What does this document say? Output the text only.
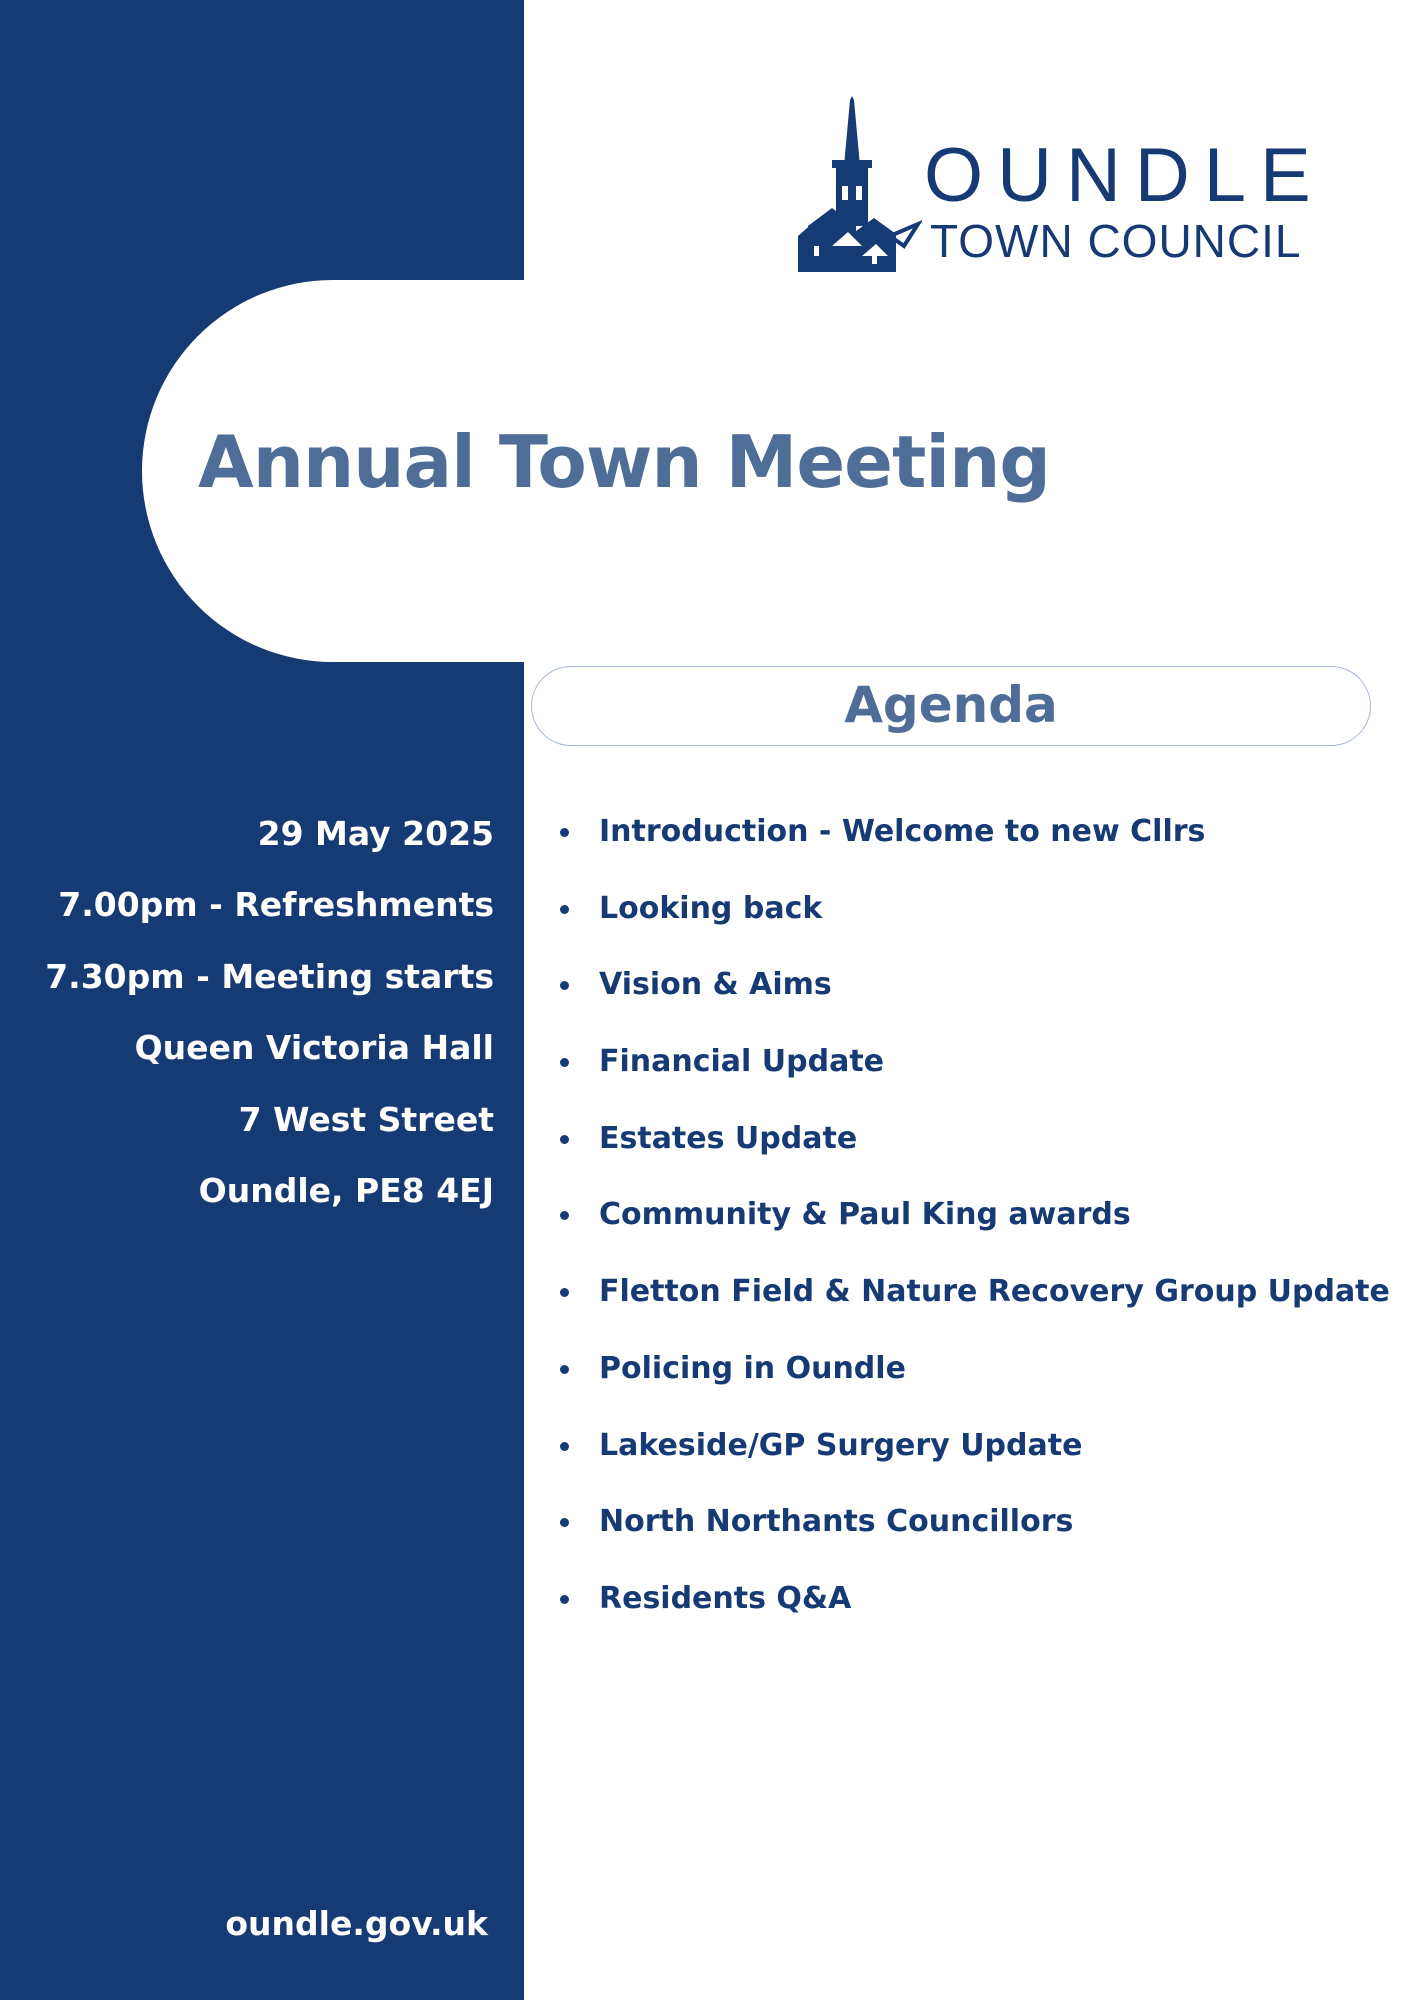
Annual Town Meeting
OUNDLE
TOWN COUNCIL
Agenda
29 May 2025
7.00pm - Refreshments
7.30pm - Meeting starts
Queen Victoria Hall
7 West Street
Oundle, PE8 4EJ
Introduction - Welcome to new Cllrs
Looking back
Vision & Aims
Financial Update
Estates Update
Community & Paul King awards
Fletton Field & Nature Recovery Group Update
Policing in Oundle
Lakeside/GP Surgery Update
North Northants Councillors
Residents Q&A
oundle.gov.uk
